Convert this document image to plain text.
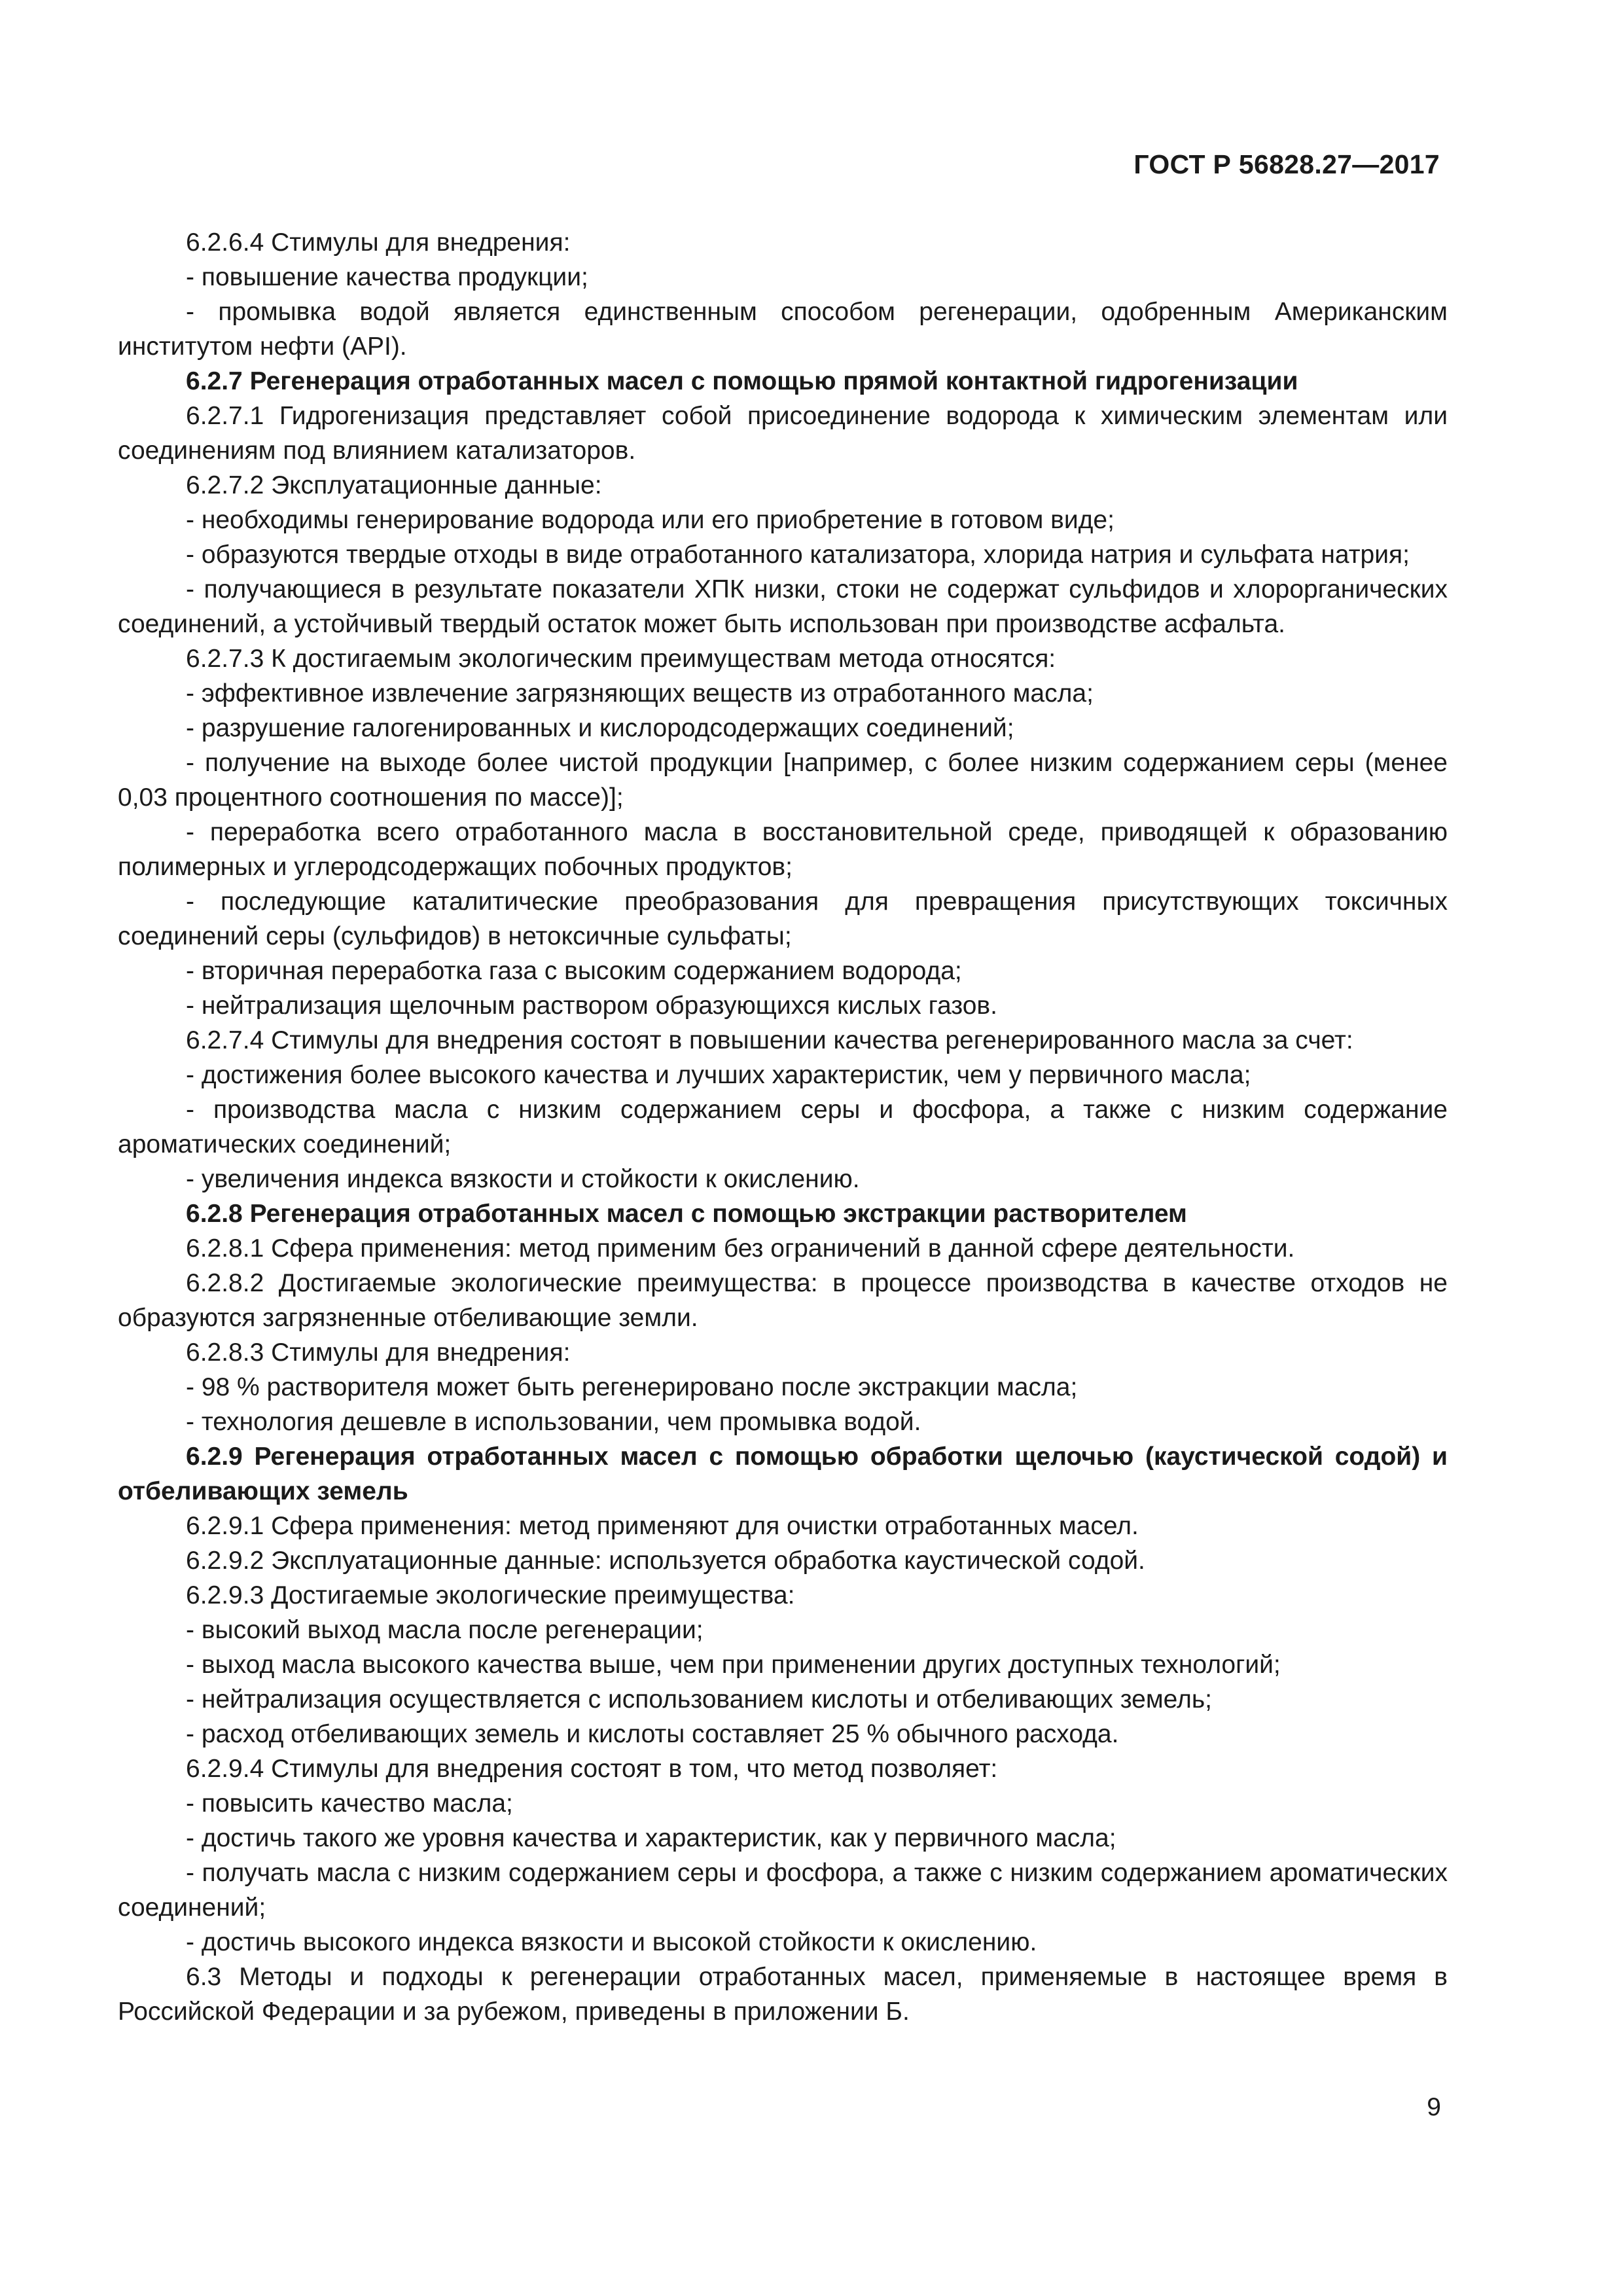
ГОСТ Р 56828.27—2017

6.2.6.4 Стимулы для внедрения:

- повышение качества продукции;

- промывка водой является единственным способом регенерации, одобренным Американским институтом нефти (API).

6.2.7 Регенерация отработанных масел с помощью прямой контактной гидрогенизации

6.2.7.1 Гидрогенизация представляет собой присоединение водорода к химическим элементам или соединениям под влиянием катализаторов.

6.2.7.2 Эксплуатационные данные:

- необходимы генерирование водорода или его приобретение в готовом виде;

- образуются твердые отходы в виде отработанного катализатора, хлорида натрия и сульфата натрия;

- получающиеся в результате показатели ХПК низки, стоки не содержат сульфидов и хлорорганических соединений, а устойчивый твердый остаток может быть использован при производстве асфальта.

6.2.7.3 К достигаемым экологическим преимуществам метода относятся:

- эффективное извлечение загрязняющих веществ из отработанного масла;

- разрушение галогенированных и кислородсодержащих соединений;

- получение на выходе более чистой продукции [например, с более низким содержанием серы (менее 0,03 процентного соотношения по массе)];

- переработка всего отработанного масла в восстановительной среде, приводящей к образованию полимерных и углеродсодержащих побочных продуктов;

- последующие каталитические преобразования для превращения присутствующих токсичных соединений серы (сульфидов) в нетоксичные сульфаты;

- вторичная переработка газа с высоким содержанием водорода;

- нейтрализация щелочным раствором образующихся кислых газов.

6.2.7.4 Стимулы для внедрения состоят в повышении качества регенерированного масла за счет:

- достижения более высокого качества и лучших характеристик, чем у первичного масла;

- производства масла с низким содержанием серы и фосфора, а также с низким содержание ароматических соединений;

- увеличения индекса вязкости и стойкости к окислению.

6.2.8 Регенерация отработанных масел с помощью экстракции растворителем

6.2.8.1 Сфера применения: метод применим без ограничений в данной сфере деятельности.

6.2.8.2 Достигаемые экологические преимущества: в процессе производства в качестве отходов не образуются загрязненные отбеливающие земли.

6.2.8.3 Стимулы для внедрения:

- 98 % растворителя может быть регенерировано после экстракции масла;

- технология дешевле в использовании, чем промывка водой.

6.2.9 Регенерация отработанных масел с помощью обработки щелочью (каустической содой) и отбеливающих земель

6.2.9.1 Сфера применения: метод применяют для очистки отработанных масел.

6.2.9.2 Эксплуатационные данные: используется обработка каустической содой.

6.2.9.3 Достигаемые экологические преимущества:

- высокий выход масла после регенерации;

- выход масла высокого качества выше, чем при применении других доступных технологий;

- нейтрализация осуществляется с использованием кислоты и отбеливающих земель;

- расход отбеливающих земель и кислоты составляет 25 % обычного расхода.

6.2.9.4 Стимулы для внедрения состоят в том, что метод позволяет:

- повысить качество масла;

- достичь такого же уровня качества и характеристик, как у первичного масла;

- получать масла с низким содержанием серы и фосфора, а также с низким содержанием ароматических соединений;

- достичь высокого индекса вязкости и высокой стойкости к окислению.

6.3 Методы и подходы к регенерации отработанных масел, применяемые в настоящее время в Российской Федерации и за рубежом, приведены в приложении Б.

9
